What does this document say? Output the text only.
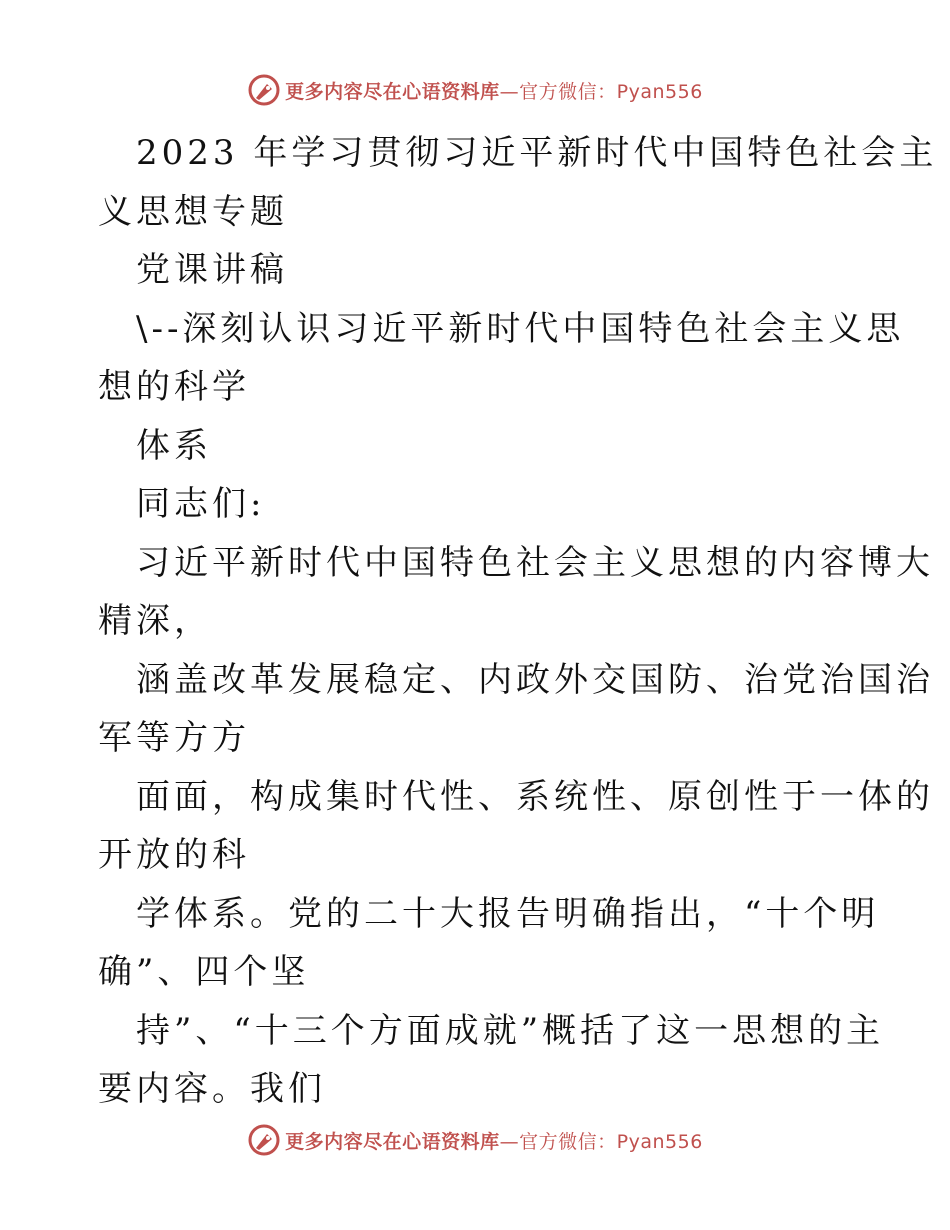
更多内容尽在心语资料库 —官方微信：Pyan556
2023 年学习贯彻习近平新时代中国特色社会主
义思想专题
党课讲稿
\--深刻认识习近平新时代中国特色社会主义思
想的科学
体系
同志们:
习近平新时代中国特色社会主义思想的内容博大
精深，
涵盖改革发展稳定、内政外交国防、治党治国治
军等方方
面面，构成集时代性、系统性、原创性于一体的
开放的科
学体系。党的二十大报告明确指出，“十个明
确”、四个坚
持”、“十三个方面成就”概括了这一思想的主
要内容。我们
更多内容尽在心语资料库 —官方微信：Pyan556
